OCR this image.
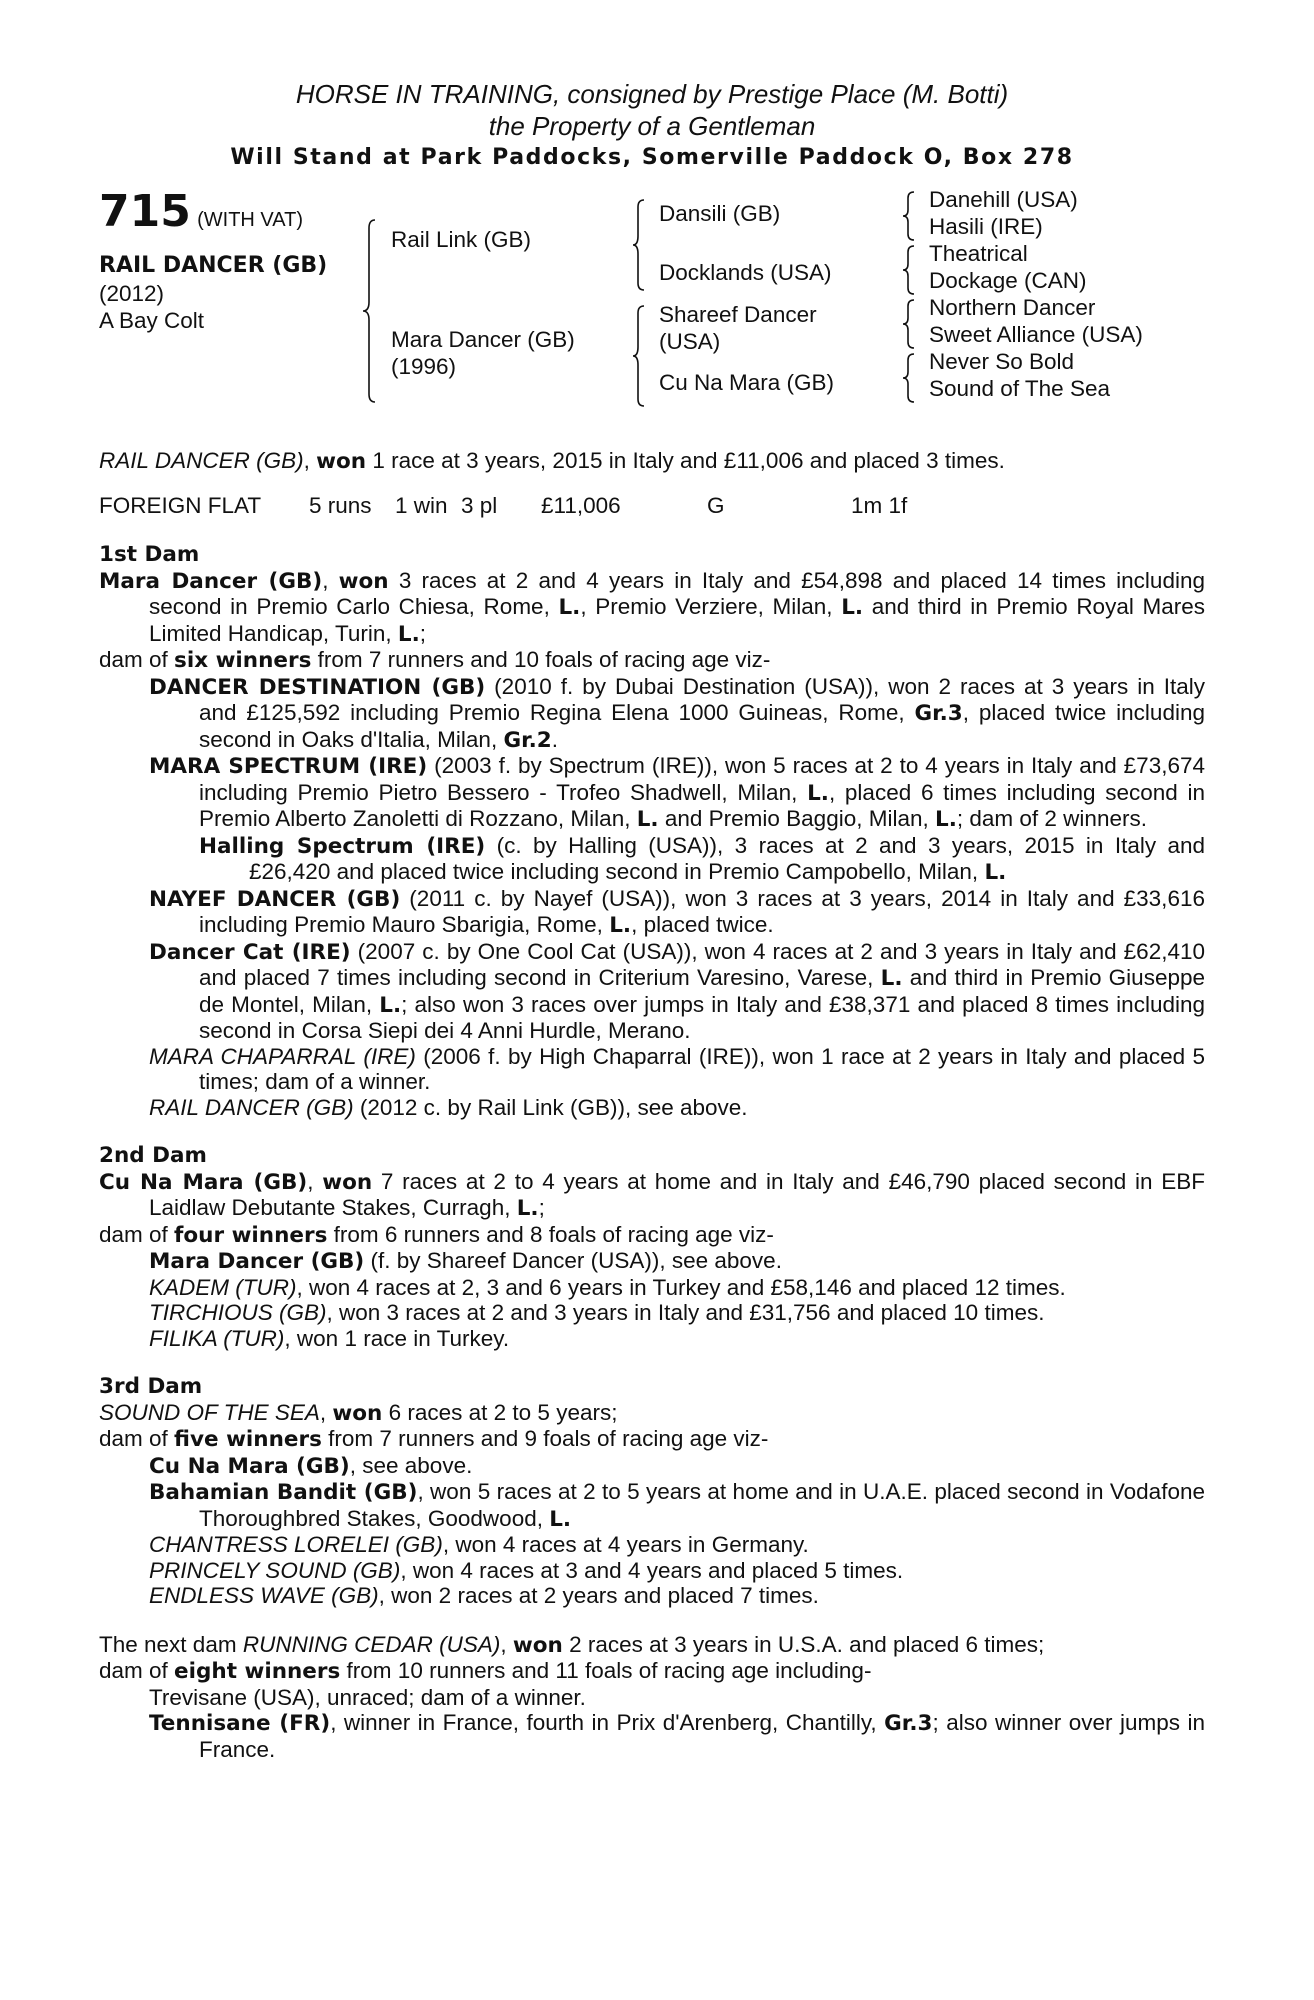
HORSE IN TRAINING, consigned by Prestige Place (M. Botti)
the Property of a Gentleman
Will Stand at Park Paddocks, Somerville Paddock O, Box 278
715 (WITH VAT)
RAIL DANCER (GB)
(2012)
A Bay Colt
Rail Link (GB)
Mara Dancer (GB)
(1996)
Dansili (GB)
Docklands (USA)
Shareef Dancer
(USA)
Cu Na Mara (GB)
Danehill (USA)
Hasili (IRE)
Theatrical
Dockage (CAN)
Northern Dancer
Sweet Alliance (USA)
Never So Bold
Sound of The Sea
RAIL DANCER (GB), won 1 race at 3 years, 2015 in Italy and £11,006 and placed 3 times.
FOREIGN FLAT	5 runs	1 win 3 pl	£11,006	G	1m 1f

1st Dam

Mara Dancer (GB), won 3 races at 2 and 4 years in Italy and £54,898 and placed 14 times including second in Premio Carlo Chiesa, Rome, L., Premio Verziere, Milan, L. and third in Premio Royal Mares Limited Handicap, Turin, L.;

dam of six winners from 7 runners and 10 foals of racing age viz-

DANCER DESTINATION (GB) (2010 f. by Dubai Destination (USA)), won 2 races at 3 years in Italy and £125,592 including Premio Regina Elena 1000 Guineas, Rome, Gr.3, placed twice including second in Oaks d'Italia, Milan, Gr.2.

MARA SPECTRUM (IRE) (2003 f. by Spectrum (IRE)), won 5 races at 2 to 4 years in Italy and £73,674 including Premio Pietro Bessero - Trofeo Shadwell, Milan, L., placed 6 times including second in Premio Alberto Zanoletti di Rozzano, Milan, L. and Premio Baggio, Milan, L.; dam of 2 winners.

Halling Spectrum (IRE) (c. by Halling (USA)), 3 races at 2 and 3 years, 2015 in Italy and £26,420 and placed twice including second in Premio Campobello, Milan, L.

NAYEF DANCER (GB) (2011 c. by Nayef (USA)), won 3 races at 3 years, 2014 in Italy and £33,616 including Premio Mauro Sbarigia, Rome, L., placed twice.

Dancer Cat (IRE) (2007 c. by One Cool Cat (USA)), won 4 races at 2 and 3 years in Italy and £62,410 and placed 7 times including second in Criterium Varesino, Varese, L. and third in Premio Giuseppe de Montel, Milan, L.; also won 3 races over jumps in Italy and £38,371 and placed 8 times including second in Corsa Siepi dei 4 Anni Hurdle, Merano.

MARA CHAPARRAL (IRE) (2006 f. by High Chaparral (IRE)), won 1 race at 2 years in Italy and placed 5 times; dam of a winner.

RAIL DANCER (GB) (2012 c. by Rail Link (GB)), see above.

2nd Dam

Cu Na Mara (GB), won 7 races at 2 to 4 years at home and in Italy and £46,790 placed second in EBF Laidlaw Debutante Stakes, Curragh, L.;

dam of four winners from 6 runners and 8 foals of racing age viz-

Mara Dancer (GB) (f. by Shareef Dancer (USA)), see above.

KADEM (TUR), won 4 races at 2, 3 and 6 years in Turkey and £58,146 and placed 12 times.

TIRCHIOUS (GB), won 3 races at 2 and 3 years in Italy and £31,756 and placed 10 times.

FILIKA (TUR), won 1 race in Turkey.

3rd Dam

SOUND OF THE SEA, won 6 races at 2 to 5 years;

dam of five winners from 7 runners and 9 foals of racing age viz-

Cu Na Mara (GB), see above.

Bahamian Bandit (GB), won 5 races at 2 to 5 years at home and in U.A.E. placed second in Vodafone Thoroughbred Stakes, Goodwood, L.

CHANTRESS LORELEI (GB), won 4 races at 4 years in Germany.

PRINCELY SOUND (GB), won 4 races at 3 and 4 years and placed 5 times.

ENDLESS WAVE (GB), won 2 races at 2 years and placed 7 times.

The next dam RUNNING CEDAR (USA), won 2 races at 3 years in U.S.A. and placed 6 times;

dam of eight winners from 10 runners and 11 foals of racing age including-

Trevisane (USA), unraced; dam of a winner.

Tennisane (FR), winner in France, fourth in Prix d'Arenberg, Chantilly, Gr.3; also winner over jumps in France.
